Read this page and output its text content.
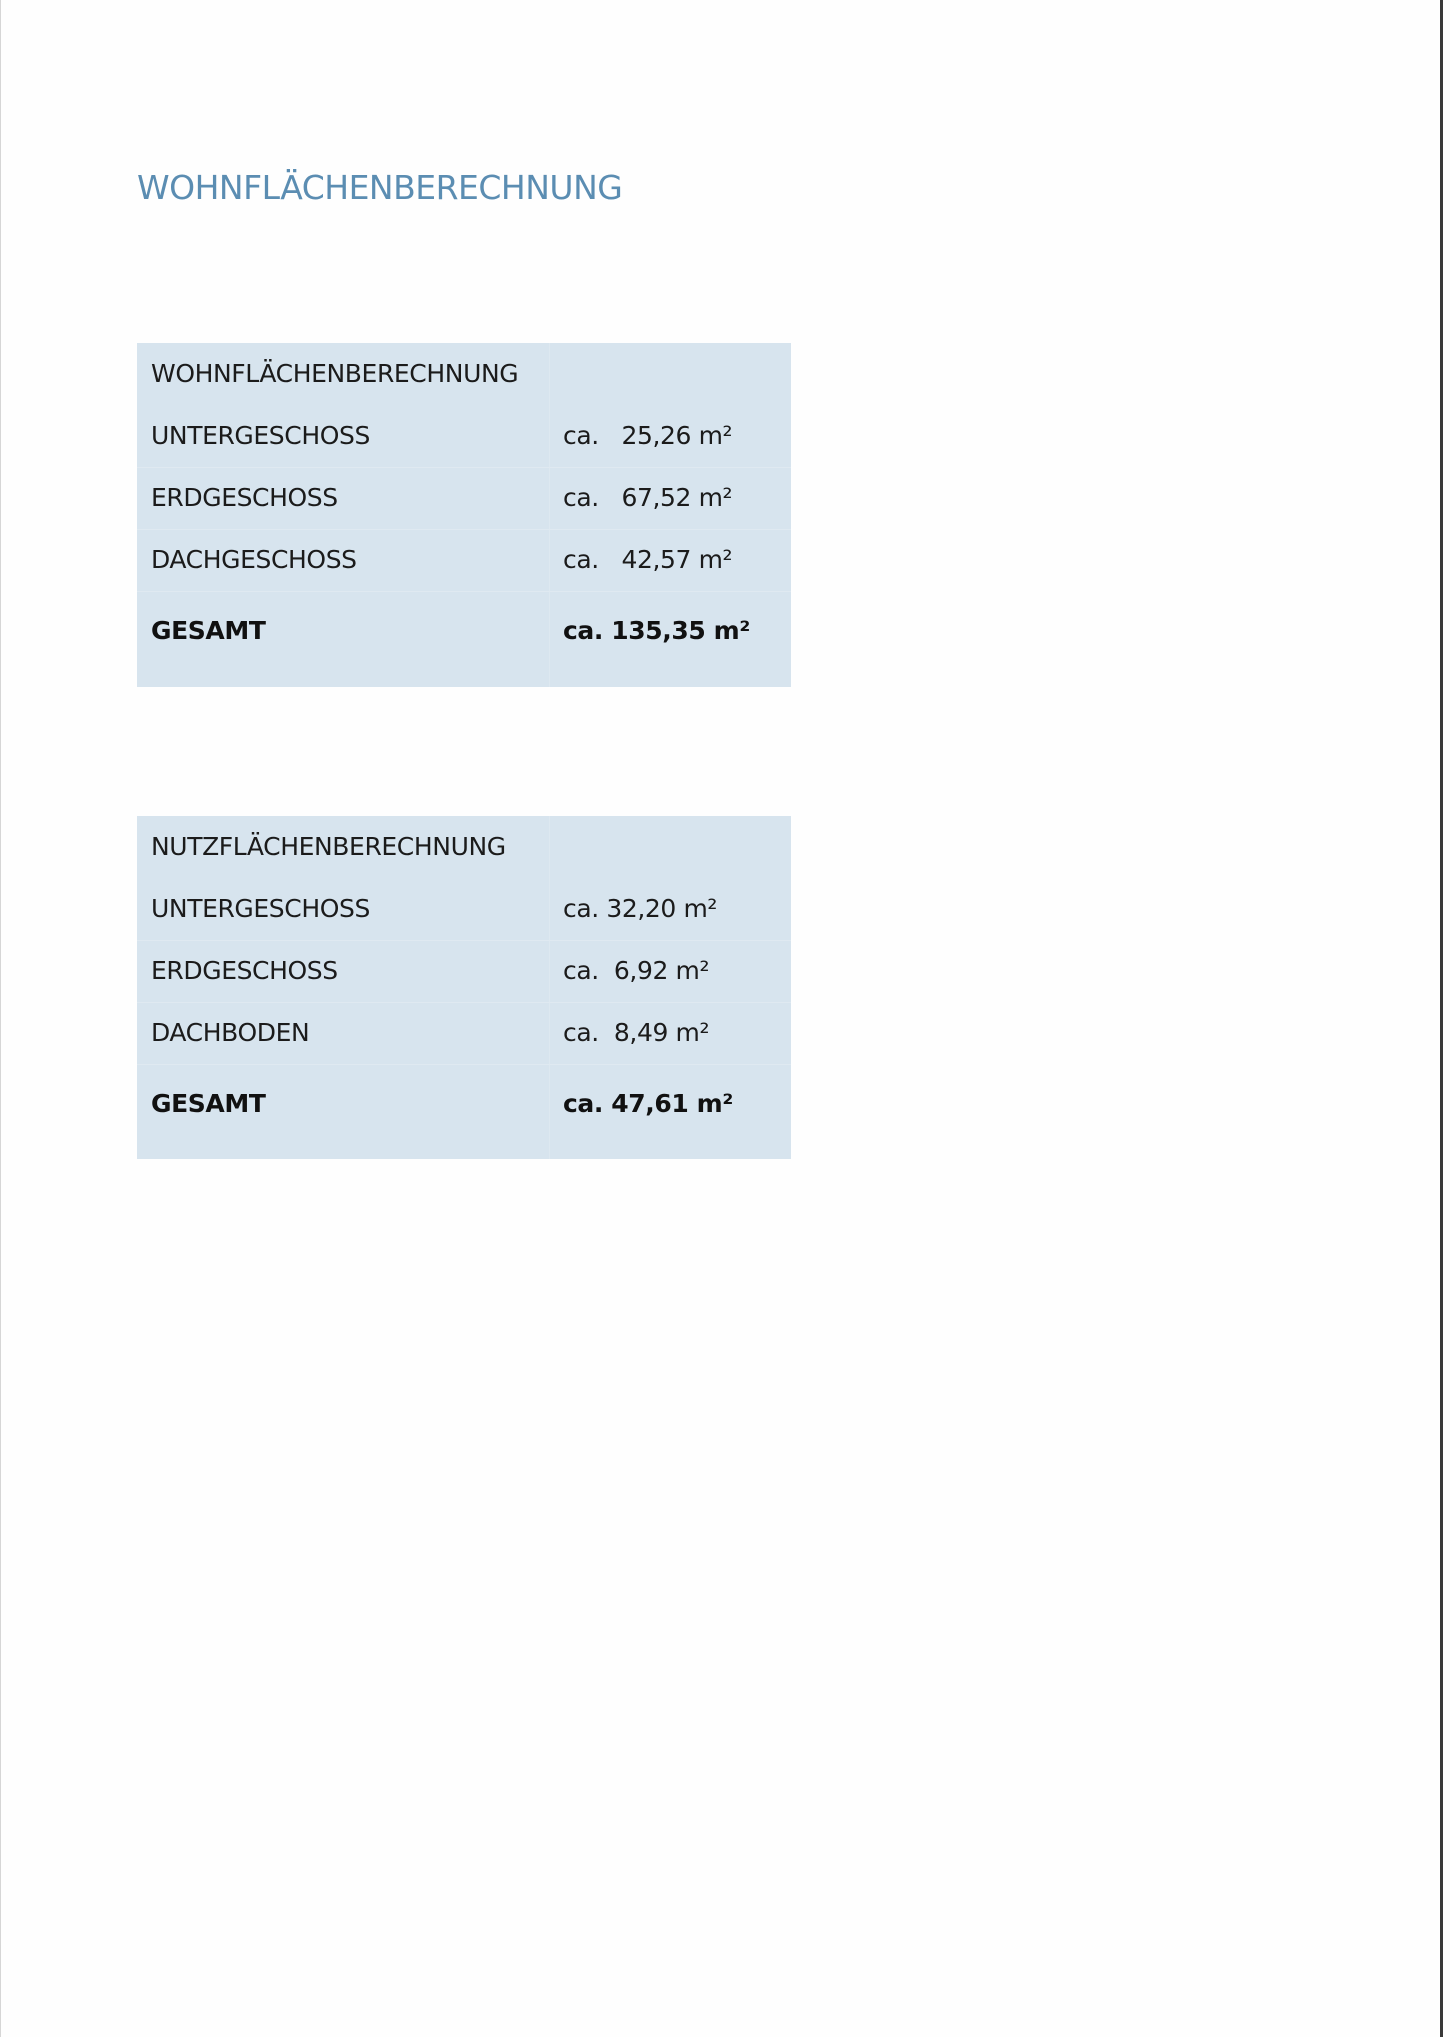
WOHNFLÄCHENBERECHNUNG
WOHNFLÄCHENBERECHNUNG
UNTERGESCHOSS	ca.   25,26 m²
ERDGESCHOSS	ca.   67,52 m²
DACHGESCHOSS	ca.   42,57 m²
GESAMT	ca. 135,35 m²
NUTZFLÄCHENBERECHNUNG
UNTERGESCHOSS	ca. 32,20 m²
ERDGESCHOSS	ca.  6,92 m²
DACHBODEN	ca.  8,49 m²
GESAMT	ca. 47,61 m²
